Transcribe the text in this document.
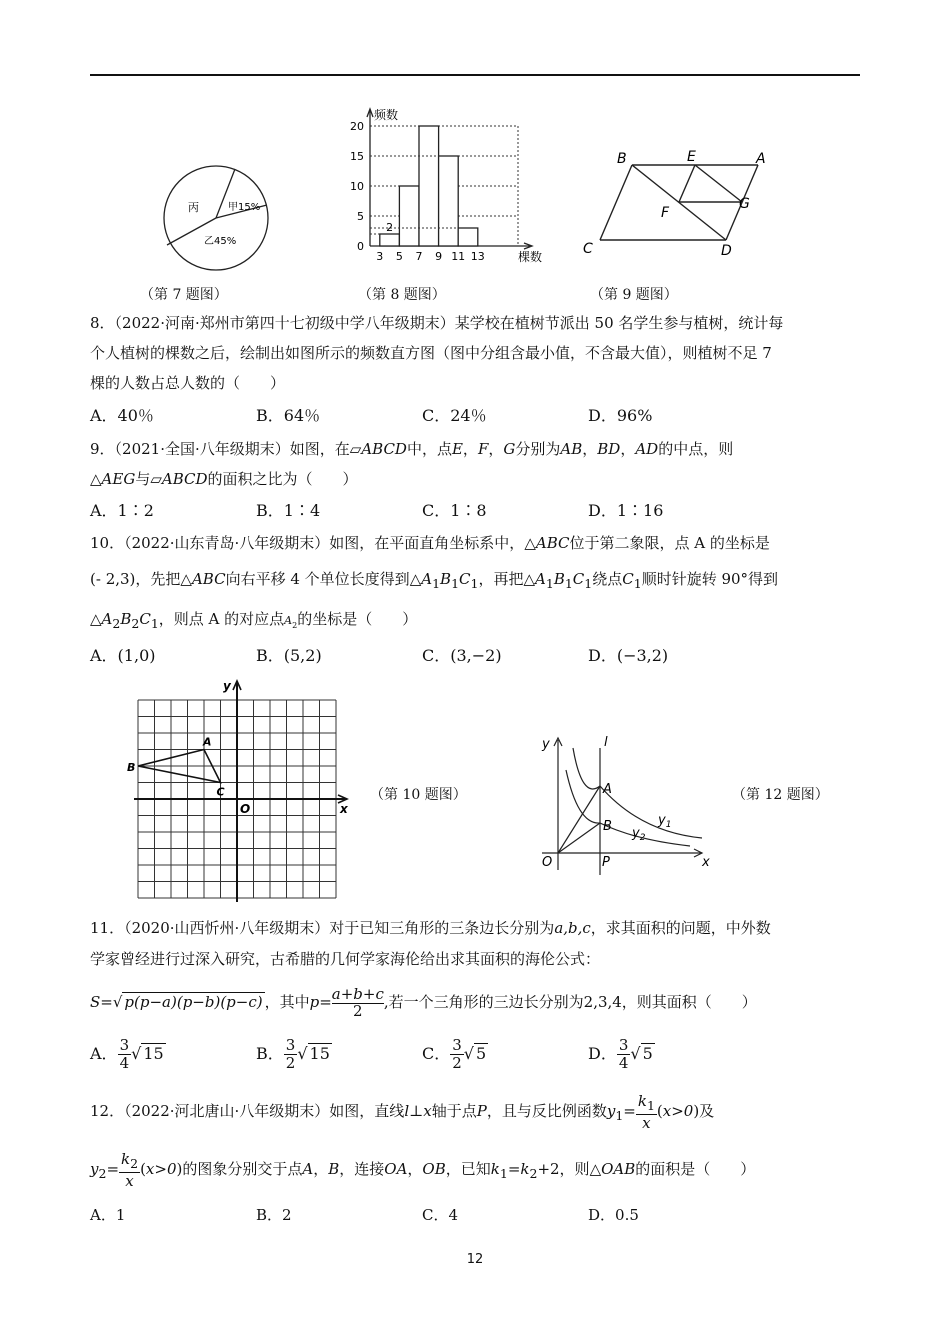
丙	甲15%
乙45%
（第 7 题图）
0
5
10
15
20
2
3 5 7 9 11 13
频数
棵数
（第 8 题图）
B	E	A
F
G
C	D
（第 9 题图）
8．（2022·河南·郑州市第四十七初级中学八年级期末）某学校在植树节派出 50 名学生参与植树，统计每
个人植树的棵数之后，绘制出如图所示的频数直方图（图中分组含最小值，不含最大值），则植树不足 7
棵的人数占总人数的（　　）
A．40％	B．64％	C．24％	D．96%
9．（2021·全国·八年级期末）如图，在▱ABCD中，点E，F，G分别为AB，BD，AD的中点，则
△AEG与▱ABCD的面积之比为（　　）
A．1∶2	B．1∶4	C．1∶8	D．1∶16
10．（2022·山东青岛·八年级期末）如图，在平面直角坐标系中，△ABC位于第二象限，点 A 的坐标是
(- 2,3)，先把△ABC向右平移 4 个单位长度得到$\triangle A_1B_1C_1$，再把$\triangle A_1B_1C_1$绕点$C_1$顺时针旋转 90°得到
$\triangle A_2B_2C_1$，则点 A 的对应点$A_2$的坐标是（　　）
A．(1,0)	B．(5,2)	C．(3,−2)	D．(−3,2)
y
x
O
A
B
C	（第 10 题图）
y	l
A
B	$y_1$
$y_2$
O	P	x
（第 12 题图）
11．（2020·山西忻州·八年级期末）对于已知三角形的三条边长分别为a,b,c，求其面积的问题，中外数
学家曾经进行过深入研究，古希腊的几何学家海伦给出求其面积的海伦公式：
S=√ p(p−a)(p−b)(p−c) ，其中$p=\frac{a+b+c}{2}$ ,若一个三角形的三边长分别为2,3,4，则其面积（　　）
A． $\frac{3}{4}$ √ 15	B． $\frac{3}{2}$ √ 15	C． $\frac{3}{2}$ √ 5	D． $\frac{3}{4}$ √ 5
12．（2022·河北唐山·八年级期末）如图，直线l⊥x轴于点P，且与反比例函数$y_1= \frac{k_1}{x}(x>0)$及
$y_2= \frac{k_2}{x}(x>0)$的图象分别交于点A，B，连接OA，OB，已知$k_1=k_2+2$，则△OAB的面积是（　　）
A．1	B．2	C．4	D．0.5
12
